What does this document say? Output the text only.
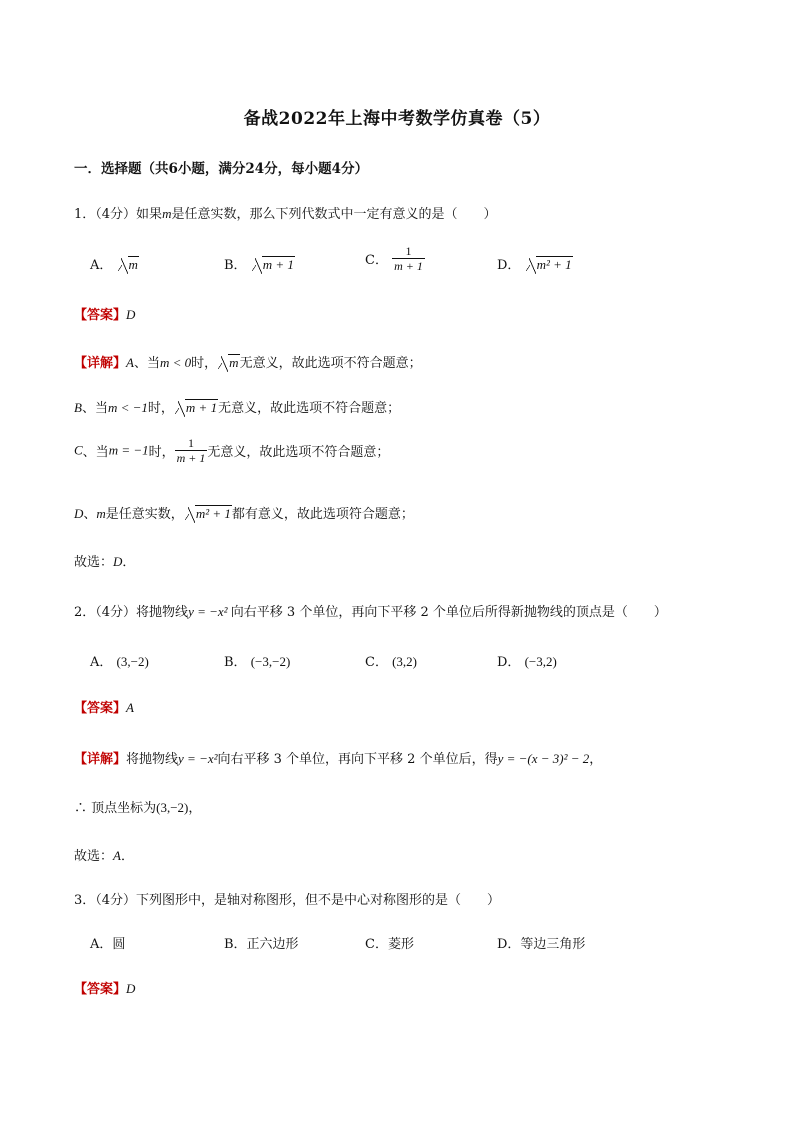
备战2022年上海中考数学仿真卷（5）
一．选择题（共6小题，满分24分，每小题4分）
1．（4分）如果m是任意实数，那么下列代数式中一定有意义的是（　　）
A． m	B． m + 1	C． $\frac{1}{m + 1}$	D． m² + 1
【答案】D
【详解】A、当m < 0时， m无意义，故此选项不符合题意；
B、当m < −1时， m + 1无意义，故此选项不符合题意；
C、当m = −1时， $\frac{1}{m + 1}$ 无意义，故此选项不符合题意；
D、m是任意实数， m² + 1都有意义，故此选项符合题意；
故选：D．
2．（4分）将抛物线y = −x² 向右平移 3 个单位，再向下平移 2 个单位后所得新抛物线的顶点是（　　）
A． (3,−2)	B． (−3,−2)	C． (3,2)	D． (−3,2)
【答案】A
【详解】将抛物线y = −x²向右平移 3 个单位，再向下平移 2 个单位后，得y = −(x − 3)² − 2，
∴ 顶点坐标为(3,−2)，
故选：A．
3．（4分）下列图形中，是轴对称图形，但不是中心对称图形的是（　　）
A．圆	B．正六边形	C．菱形	D．等边三角形
【答案】D
